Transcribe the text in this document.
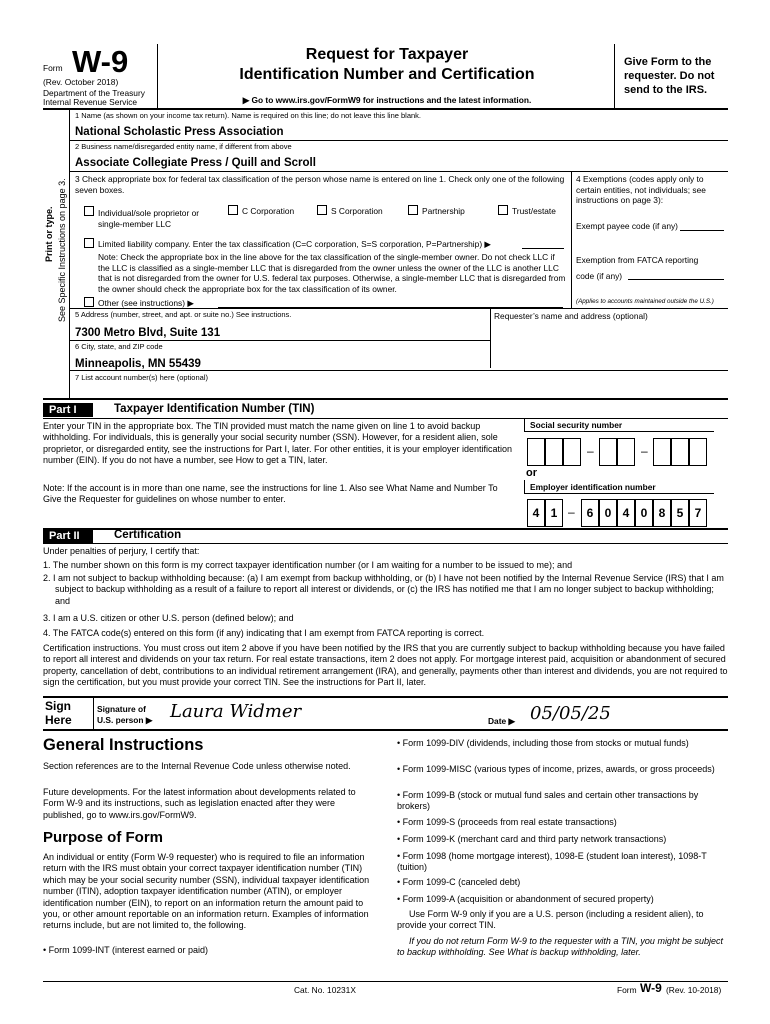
Form W-9
(Rev. October 2018)
Department of the Treasury
Internal Revenue Service
Request for Taxpayer
Identification Number and Certification
▶ Go to www.irs.gov/FormW9 for instructions and the latest information.
Give Form to the requester. Do not send to the IRS.
Print or type. See Specific Instructions on page 3.
1 Name (as shown on your income tax return). Name is required on this line; do not leave this line blank.
National Scholastic Press Association
2 Business name/disregarded entity name, if different from above
Associate Collegiate Press / Quill and Scroll
3 Check appropriate box for federal tax classification of the person whose name is entered on line 1. Check only one of the following seven boxes.
Individual/sole proprietor or single-member LLC
C Corporation	S Corporation	Partnership	Trust/estate
Limited liability company. Enter the tax classification (C=C corporation, S=S corporation, P=Partnership) ▶
Note: Check the appropriate box in the line above for the tax classification of the single-member owner. Do not check LLC if the LLC is classified as a single-member LLC that is disregarded from the owner unless the owner of the LLC is another LLC that is not disregarded from the owner for U.S. federal tax purposes. Otherwise, a single-member LLC that is disregarded from the owner should check the appropriate box for the tax classification of its owner.
Other (see instructions) ▶
4 Exemptions (codes apply only to certain entities, not individuals; see instructions on page 3):
Exempt payee code (if any)
Exemption from FATCA reporting code (if any)
(Applies to accounts maintained outside the U.S.)
5 Address (number, street, and apt. or suite no.) See instructions.	Requester’s name and address (optional)
7300 Metro Blvd, Suite 131
6 City, state, and ZIP code
Minneapolis, MN 55439
7 List account number(s) here (optional)
Part I	Taxpayer Identification Number (TIN)
Enter your TIN in the appropriate box. The TIN provided must match the name given on line 1 to avoid backup withholding. For individuals, this is generally your social security number (SSN). However, for a resident alien, sole proprietor, or disregarded entity, see the instructions for Part I, later. For other entities, it is your employer identification number (EIN). If you do not have a number, see How to get a TIN, later.
Note: If the account is in more than one name, see the instructions for line 1. Also see What Name and Number To Give the Requester for guidelines on whose number to enter.
Social security number
–	–
or
Employer identification number
4 1 – 6 0 4 0 8 5 7
Part II	Certification
Under penalties of perjury, I certify that:
1. The number shown on this form is my correct taxpayer identification number (or I am waiting for a number to be issued to me); and
2. I am not subject to backup withholding because: (a) I am exempt from backup withholding, or (b) I have not been notified by the Internal Revenue Service (IRS) that I am subject to backup withholding as a result of a failure to report all interest or dividends, or (c) the IRS has notified me that I am no longer subject to backup withholding; and
3. I am a U.S. citizen or other U.S. person (defined below); and
4. The FATCA code(s) entered on this form (if any) indicating that I am exempt from FATCA reporting is correct.
Certification instructions. You must cross out item 2 above if you have been notified by the IRS that you are currently subject to backup withholding because you have failed to report all interest and dividends on your tax return. For real estate transactions, item 2 does not apply. For mortgage interest paid, acquisition or abandonment of secured property, cancellation of debt, contributions to an individual retirement arrangement (IRA), and generally, payments other than interest and dividends, you are not required to sign the certification, but you must provide your correct TIN. See the instructions for Part II, later.
Sign
Here
Signature of
U.S. person ▶ Laura Widmer	Date ▶ 05/05/25
General Instructions
Section references are to the Internal Revenue Code unless otherwise noted.
Future developments. For the latest information about developments related to Form W-9 and its instructions, such as legislation enacted after they were published, go to www.irs.gov/FormW9.
Purpose of Form
An individual or entity (Form W-9 requester) who is required to file an information return with the IRS must obtain your correct taxpayer identification number (TIN) which may be your social security number (SSN), individual taxpayer identification number (ITIN), adoption taxpayer identification number (ATIN), or employer identification number (EIN), to report on an information return the amount paid to you, or other amount reportable on an information return. Examples of information returns include, but are not limited to, the following.
• Form 1099-INT (interest earned or paid)
• Form 1099-DIV (dividends, including those from stocks or mutual funds)
• Form 1099-MISC (various types of income, prizes, awards, or gross proceeds)
• Form 1099-B (stock or mutual fund sales and certain other transactions by brokers)
• Form 1099-S (proceeds from real estate transactions)
• Form 1099-K (merchant card and third party network transactions)
• Form 1098 (home mortgage interest), 1098-E (student loan interest), 1098-T (tuition)
• Form 1099-C (canceled debt)
• Form 1099-A (acquisition or abandonment of secured property)
Use Form W-9 only if you are a U.S. person (including a resident alien), to provide your correct TIN.
If you do not return Form W-9 to the requester with a TIN, you might be subject to backup withholding. See What is backup withholding, later.
Cat. No. 10231X	Form W-9 (Rev. 10-2018)
